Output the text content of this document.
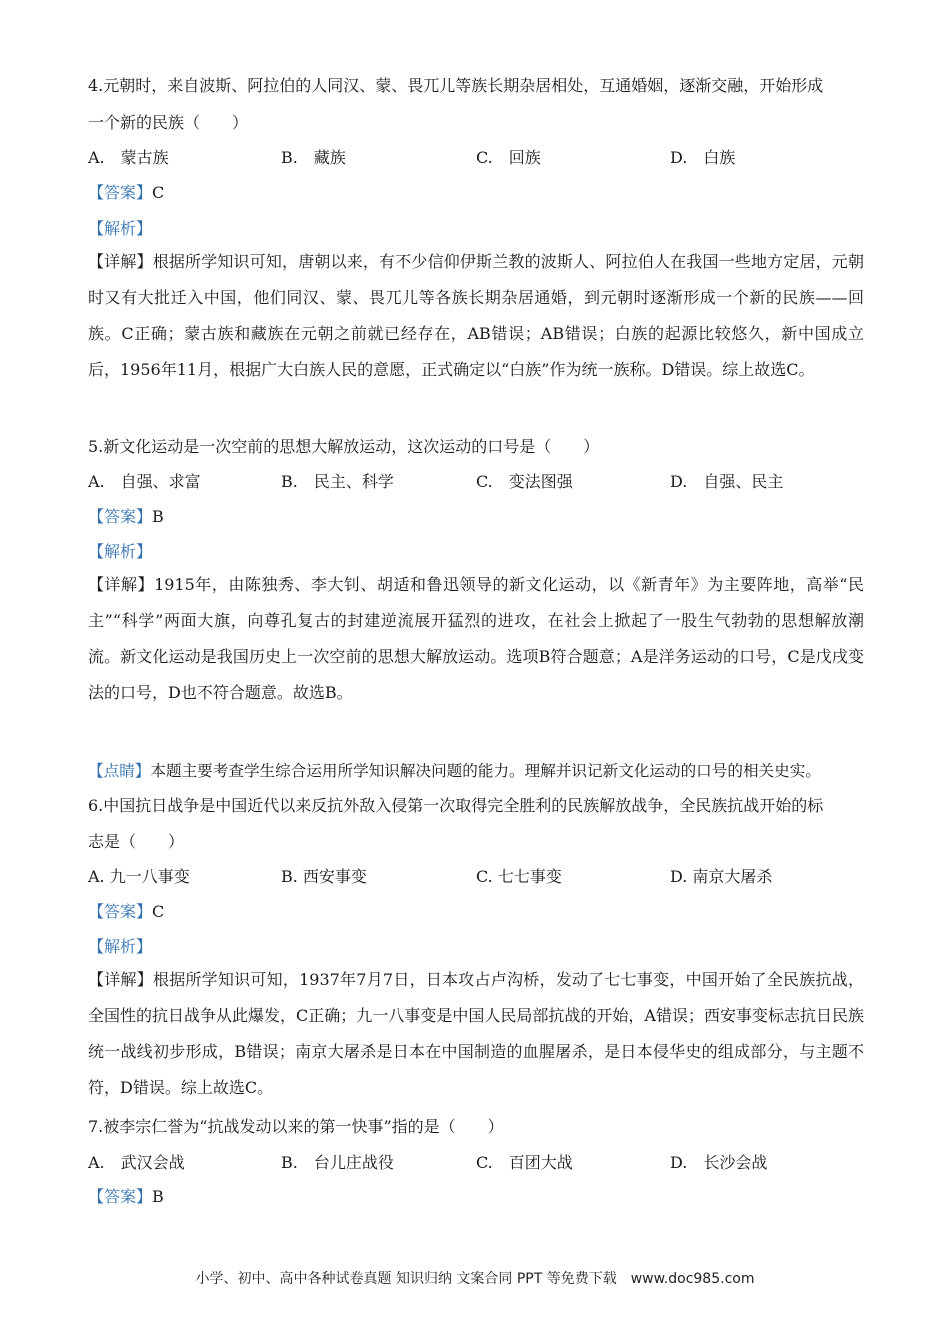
4.元朝时，来自波斯、阿拉伯的人同汉、蒙、畏兀儿等族长期杂居相处，互通婚姻，逐渐交融，开始形成
一个新的民族（　　）
A.　蒙古族	B.　藏族	C.　回族	D.　白族
【答案】C
【解析】
【详解】根据所学知识可知，唐朝以来，有不少信仰伊斯兰教的波斯人、阿拉伯人在我国一些地方定居，元朝时又有大批迁入中国，他们同汉、蒙、畏兀儿等各族长期杂居通婚，到元朝时逐渐形成一个新的民族——回族。C正确；蒙古族和藏族在元朝之前就已经存在，AB错误；AB错误；白族的起源比较悠久，新中国成立后，1956年11月，根据广大白族人民的意愿，正式确定以“白族”作为统一族称。D错误。综上故选C。
5.新文化运动是一次空前的思想大解放运动，这次运动的口号是（　　）
A.　自强、求富	B.　民主、科学	C.　变法图强	D.　自强、民主
【答案】B
【解析】
【详解】1915年，由陈独秀、李大钊、胡适和鲁迅领导的新文化运动，以《新青年》为主要阵地，高举“民主”“科学”两面大旗，向尊孔复古的封建逆流展开猛烈的进攻，在社会上掀起了一股生气勃勃的思想解放潮流。新文化运动是我国历史上一次空前的思想大解放运动。选项B符合题意；A是洋务运动的口号，C是戊戌变法的口号，D也不符合题意。故选B。
【点睛】本题主要考查学生综合运用所学知识解决问题的能力。理解并识记新文化运动的口号的相关史实。
6.中国抗日战争是中国近代以来反抗外敌入侵第一次取得完全胜利的民族解放战争，全民族抗战开始的标
志是（　　）
A. 九一八事变	B. 西安事变	C. 七七事变	D. 南京大屠杀
【答案】C
【解析】
【详解】根据所学知识可知，1937年7月7日，日本攻占卢沟桥，发动了七七事变，中国开始了全民族抗战，全国性的抗日战争从此爆发，C正确；九一八事变是中国人民局部抗战的开始，A错误；西安事变标志抗日民族统一战线初步形成，B错误；南京大屠杀是日本在中国制造的血腥屠杀，是日本侵华史的组成部分，与主题不符，D错误。综上故选C。
7.被李宗仁誉为“抗战发动以来的第一快事”指的是（　　）
A.　武汉会战	B.　台儿庄战役	C.　百团大战	D.　长沙会战
【答案】B
小学、初中、高中各种试卷真题 知识归纳 文案合同 PPT 等免费下载　www.doc985.com
